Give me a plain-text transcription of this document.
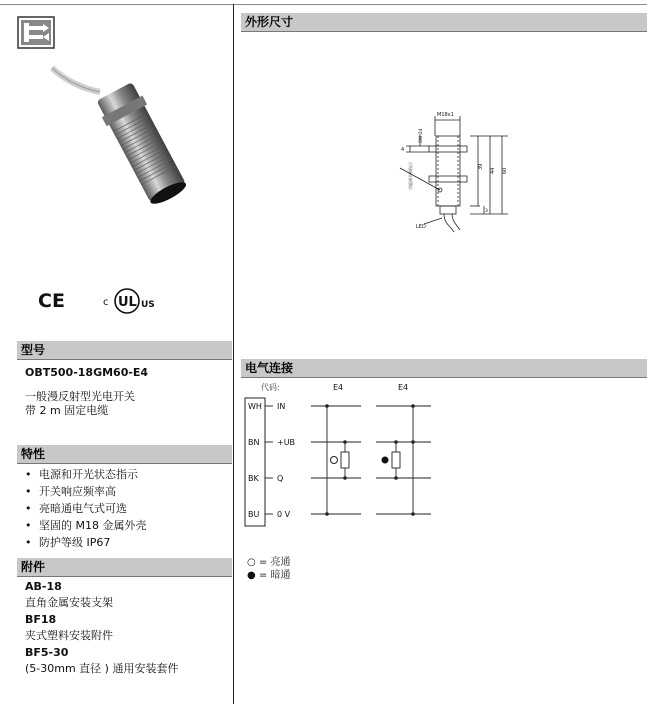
CE	c UL US
型号
OBT500-18GM60-E4
一般漫反射型光电开关
带 2 m 固定电缆
特性
• 电源和开光状态指示
• 开关响应频率高
• 亮暗通电气式可选
• 坚固的 M18 金属外壳
• 防护等级 IP67
附件
AB-18
直角金属安装支架
BF18
夹式塑料安装附件
BF5-30
(5-30mm 直径 ) 通用安装套件
外形尺寸
M18x1
4
SW 24
39
44 60
3
功能调节和指示
LED
电气连接
代码:	E4	E4
WH
BN
BK
BU
IN
+UB
Q
0 V
○ = 亮通
● = 暗通
